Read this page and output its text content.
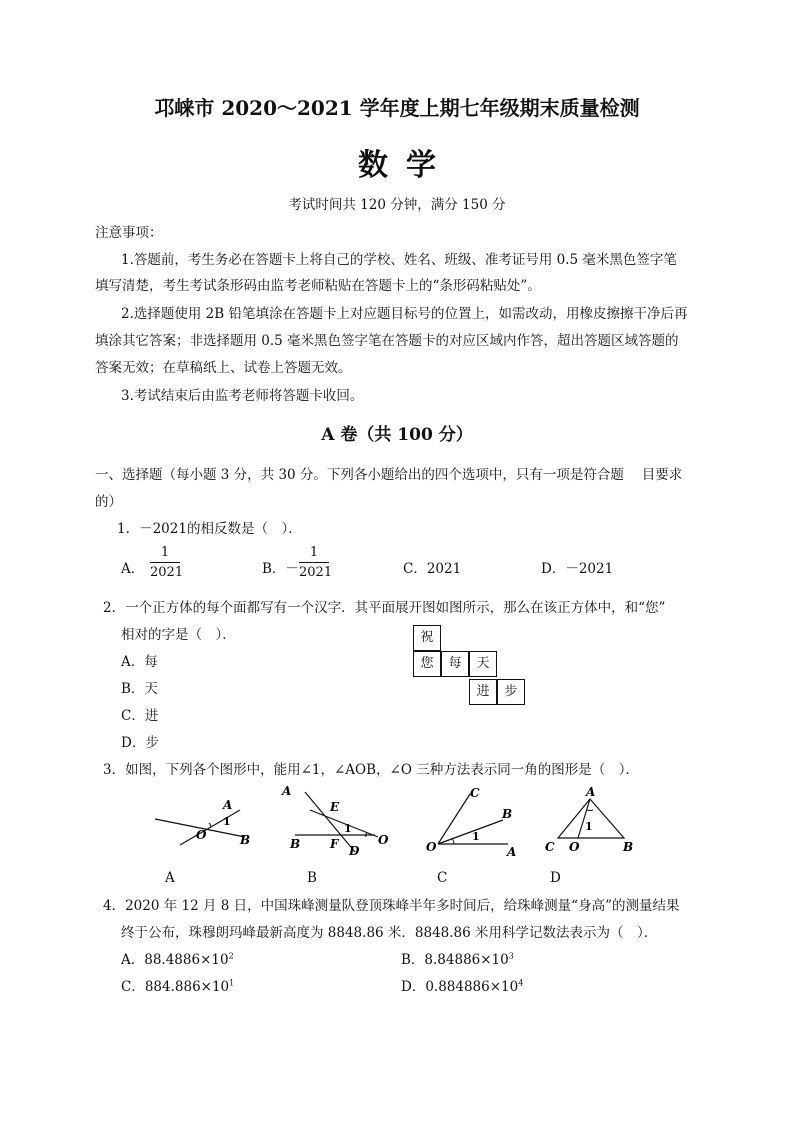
邛崃市 2020～2021 学年度上期七年级期末质量检测
数学
考试时间共 120 分钟，满分 150 分
注意事项：
1.答题前，考生务必在答题卡上将自己的学校、姓名、班级、准考证号用 0.5 毫米黑色签字笔
填写清楚，考生考试条形码由监考老师粘贴在答题卡上的“条形码粘贴处”。
2.选择题使用 2B 铅笔填涂在答题卡上对应题目标号的位置上，如需改动，用橡皮擦擦干净后再
填涂其它答案；非选择题用 0.5 毫米黑色签字笔在答题卡的对应区域内作答，超出答题区域答题的
答案无效；在草稿纸上、试卷上答题无效。
3.考试结束后由监考老师将答题卡收回。
A 卷（共 100 分）
一、选择题（每小题 3 分，共 30 分。下列各小题给出的四个选项中，只有一项是符合题　 目要求
的）
1．－2021的相反数是（　）．
A． $\frac{1}{2021}$	B．－ $\frac{1}{2021}$	C．2021	D．－2021
2．一个正方体的每个面都写有一个汉字．其平面展开图如图所示，那么在该正方体中，和“您”
相对的字是（　）．
A．每
B．天
C．进
D．步
祝
您	每	天
进	步
3．如图，下列各个图形中，能用∠1，∠AOB，∠O 三种方法表示同一角的图形是（　）．
A
O	B
1
A
E
B F D
O
1
C
B
O	A
1
A
C O	B
1
A	B	C	D
4．2020 年 12 月 8 日，中国珠峰测量队登顶珠峰半年多时间后，给珠峰测量“身高”的测量结果
终于公布，珠穆朗玛峰最新高度为 8848.86 米．8848.86 米用科学记数法表示为（　）．
A．$88.4886\times 10^2$	B．$8.84886\times 10^3$
C．$884.886\times 10^1$	D．$0.884886\times 10^4$
